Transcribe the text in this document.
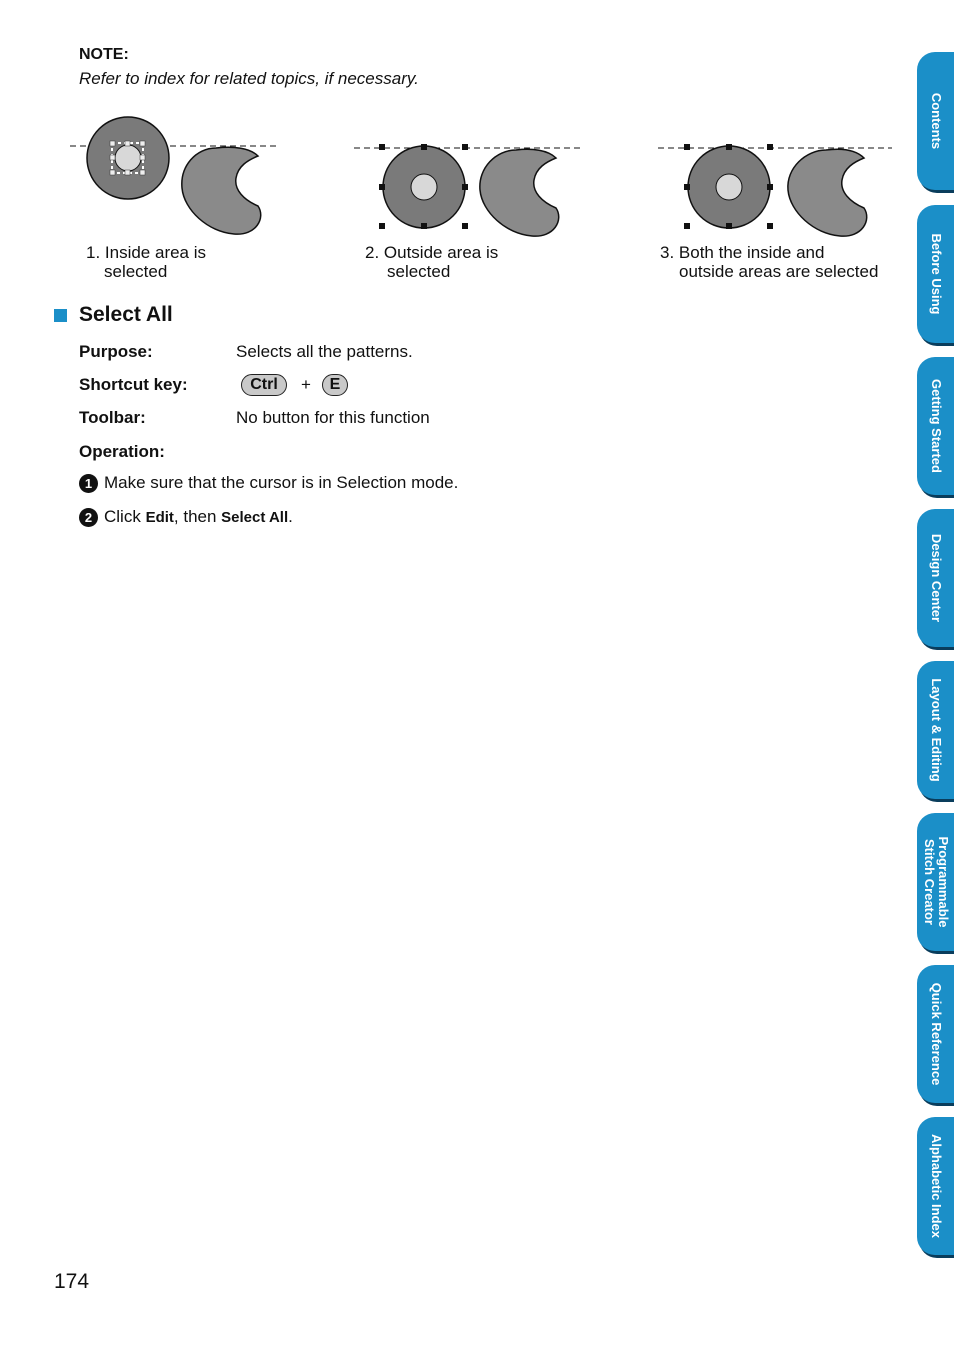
NOTE:
Refer to index for related topics, if necessary.
1. Inside area is
selected
2. Outside area is
selected
3. Both the inside and
outside areas are selected
Select All
Purpose:	Selects all the patterns.
Shortcut key:	Ctrl	+	E
Toolbar:	No button for this function
Operation:
1 Make sure that the cursor is in Selection mode.
2 Click Edit , then Select All .
174
Contents
Before Using
Getting Started
Design Center
Layout & Editing
Programmable Stitch Creator
Quick Reference
Alphabetic Index
